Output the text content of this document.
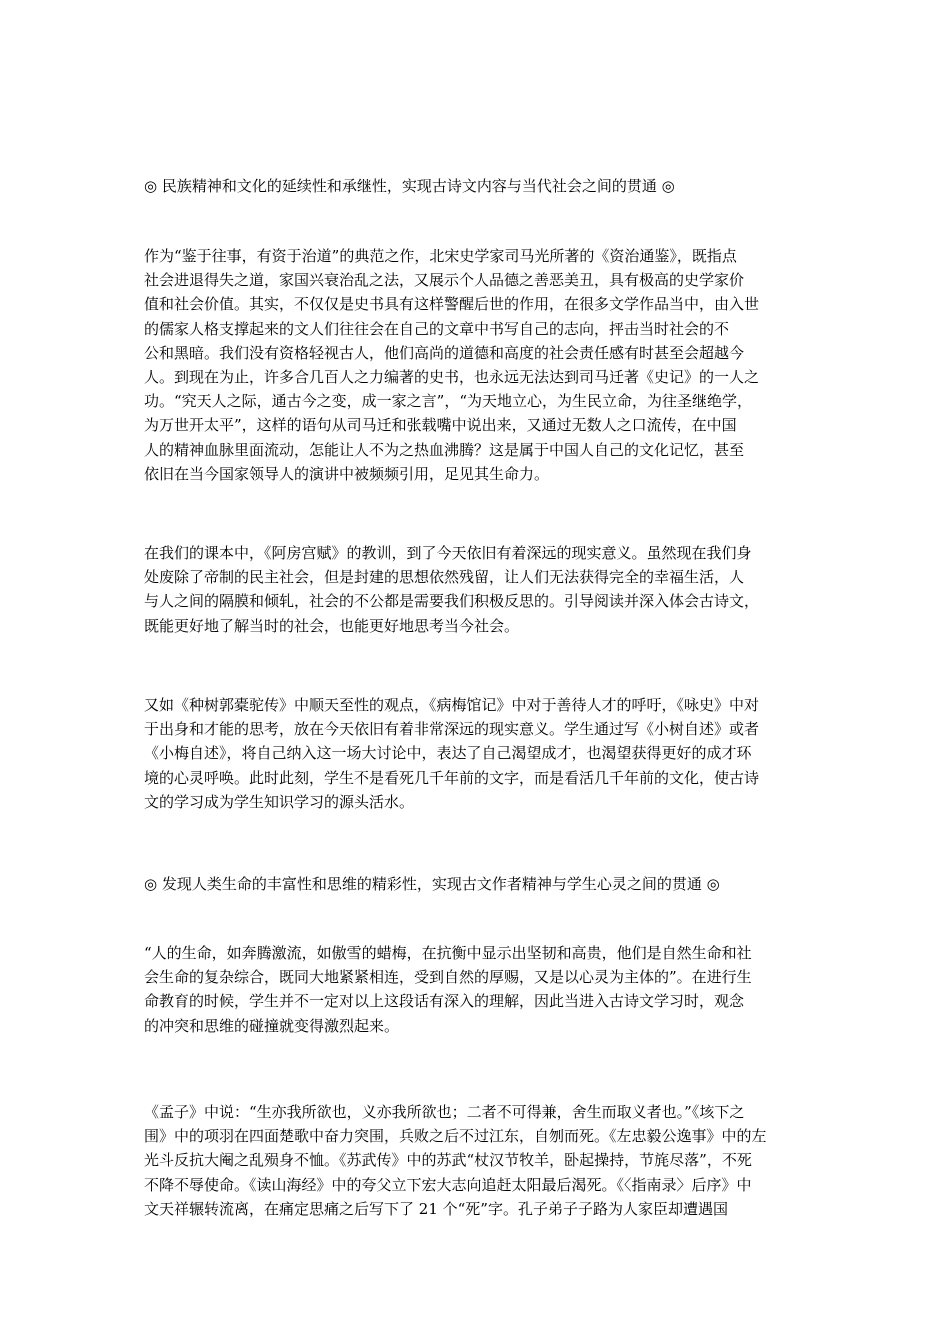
◎ 民族精神和文化的延续性和承继性，实现古诗文内容与当代社会之间的贯通 ◎

作为“鉴于往事，有资于治道”的典范之作，北宋史学家司马光所著的《资治通鉴》，既指点
社会进退得失之道，家国兴衰治乱之法，又展示个人品德之善恶美丑，具有极高的史学家价
值和社会价值。其实，不仅仅是史书具有这样警醒后世的作用，在很多文学作品当中，由入世
的儒家人格支撑起来的文人们往往会在自己的文章中书写自己的志向，抨击当时社会的不
公和黑暗。我们没有资格轻视古人，他们高尚的道德和高度的社会责任感有时甚至会超越今
人。到现在为止，许多合几百人之力编著的史书，也永远无法达到司马迁著《史记》的一人之
功。“究天人之际，通古今之变，成一家之言”，“为天地立心，为生民立命，为往圣继绝学，
为万世开太平”，这样的语句从司马迁和张载嘴中说出来，又通过无数人之口流传，在中国
人的精神血脉里面流动，怎能让人不为之热血沸腾？这是属于中国人自己的文化记忆，甚至
依旧在当今国家领导人的演讲中被频频引用，足见其生命力。
在我们的课本中，《阿房宫赋》的教训，到了今天依旧有着深远的现实意义。虽然现在我们身
处废除了帝制的民主社会，但是封建的思想依然残留，让人们无法获得完全的幸福生活，人
与人之间的隔膜和倾轧，社会的不公都是需要我们积极反思的。引导阅读并深入体会古诗文，
既能更好地了解当时的社会，也能更好地思考当今社会。
又如《种树郭橐驼传》中顺天至性的观点，《病梅馆记》中对于善待人才的呼吁，《咏史》中对
于出身和才能的思考，放在今天依旧有着非常深远的现实意义。学生通过写《小树自述》或者
《小梅自述》，将自己纳入这一场大讨论中，表达了自己渴望成才，也渴望获得更好的成才环
境的心灵呼唤。此时此刻，学生不是看死几千年前的文字，而是看活几千年前的文化，使古诗
文的学习成为学生知识学习的源头活水。

◎ 发现人类生命的丰富性和思维的精彩性，实现古文作者精神与学生心灵之间的贯通 ◎

“人的生命，如奔腾激流，如傲雪的蜡梅，在抗衡中显示出坚韧和高贵，他们是自然生命和社
会生命的复杂综合，既同大地紧紧相连，受到自然的厚赐，又是以心灵为主体的”。在进行生
命教育的时候，学生并不一定对以上这段话有深入的理解，因此当进入古诗文学习时，观念
的冲突和思维的碰撞就变得激烈起来。
《孟子》中说：“生亦我所欲也，义亦我所欲也；二者不可得兼，舍生而取义者也。”《垓下之
围》中的项羽在四面楚歌中奋力突围，兵败之后不过江东，自刎而死。《左忠毅公逸事》中的左
光斗反抗大阉之乱殒身不恤。《苏武传》中的苏武“杖汉节牧羊，卧起操持，节旄尽落”，不死
不降不辱使命。《读山海经》中的夸父立下宏大志向追赶太阳最后渴死。《〈指南录〉后序》中
文天祥辗转流离，在痛定思痛之后写下了 21 个“死”字。孔子弟子子路为人家臣却遭遇国
